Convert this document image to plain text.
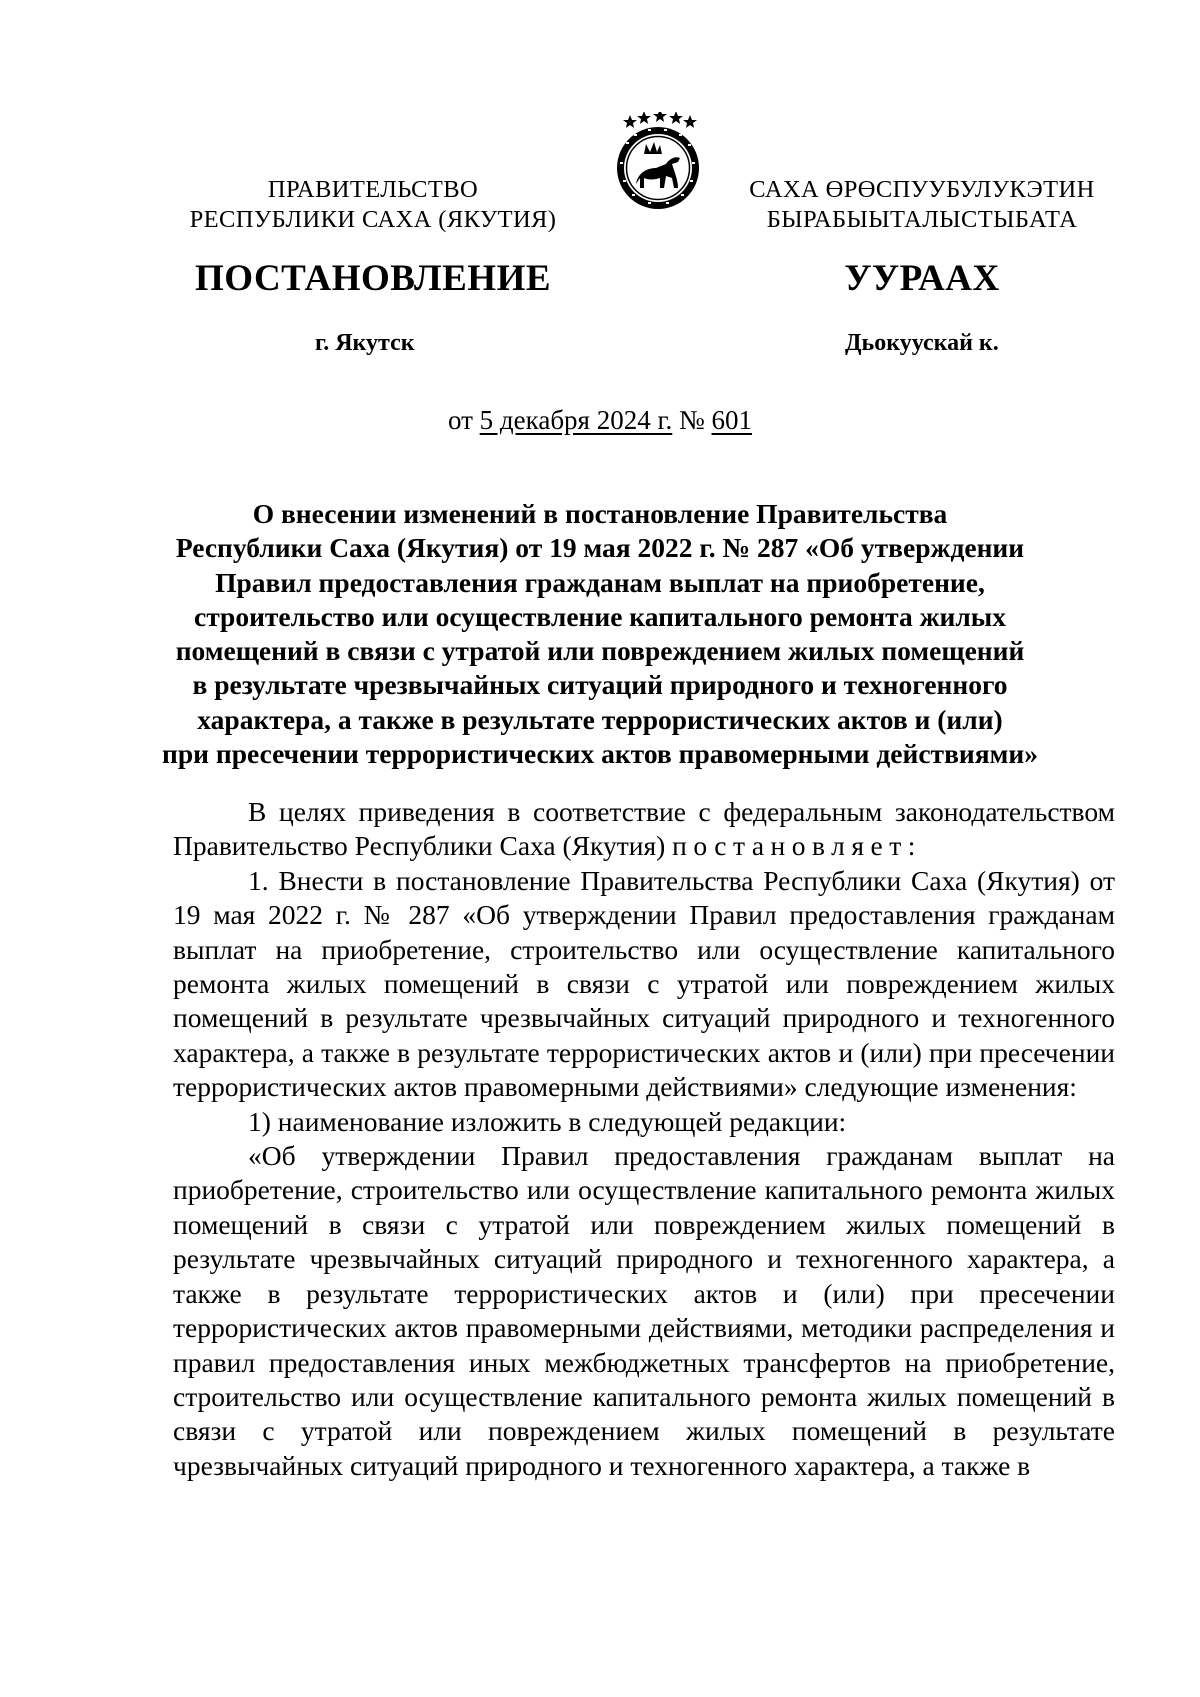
ПРАВИТЕЛЬСТВО
РЕСПУБЛИКИ САХА (ЯКУТИЯ)
САХА ӨРӨСПУУБУЛУКЭТИН
БЫРАБЫЫТАЛЫСТЫБАТА
ПОСТАНОВЛЕНИЕ	УУРААХ
г. Якутск	Дьокуускай к.
от 5 декабря 2024 г. № 601
О внесении изменений в постановление Правительства
Республики Саха (Якутия) от 19 мая 2022 г. № 287 «Об утверждении
Правил предоставления гражданам выплат на приобретение,
строительство или осуществление капитального ремонта жилых
помещений в связи с утратой или повреждением жилых помещений
в результате чрезвычайных ситуаций природного и техногенного
характера, а также в результате террористических актов и (или)
при пресечении террористических актов правомерными действиями»

В целях приведения в соответствие с федеральным законодательством Правительство Республики Саха (Якутия) постановляет:

1. Внести в постановление Правительства Республики Саха (Якутия) от 19 мая 2022 г. № 287 «Об утверждении Правил предоставления гражданам выплат на приобретение, строительство или осуществление капитального ремонта жилых помещений в связи с утратой или повреждением жилых помещений в результате чрезвычайных ситуаций природного и техногенного характера, а также в результате террористических актов и (или) при пресечении террористических актов правомерными действиями» следующие изменения:

1) наименование изложить в следующей редакции:

«Об утверждении Правил предоставления гражданам выплат на приобретение, строительство или осуществление капитального ремонта жилых помещений в связи с утратой или повреждением жилых помещений в результате чрезвычайных ситуаций природного и техногенного характера, а также в результате террористических актов и (или) при пресечении террористических актов правомерными действиями, методики распределения и правил предоставления иных межбюджетных трансфертов на приобретение, строительство или осуществление капитального ремонта жилых помещений в связи с утратой или повреждением жилых помещений в результате чрезвычайных ситуаций природного и техногенного характера, а также в
